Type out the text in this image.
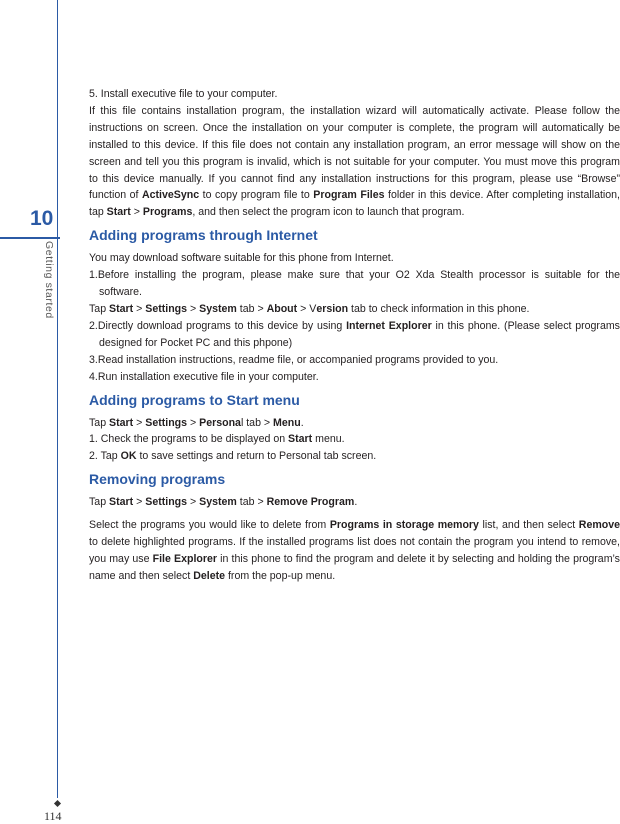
10
Getting started
114

5. Install executive file to your computer.

If this file contains installation program, the installation wizard will automatically activate. Please follow the instructions on screen. Once the installation on your computer is complete, the program will automatically be installed to this device. If this file does not contain any installation program, an error message will show on the screen and tell you this program is invalid, which is not suitable for your computer. You must move this program to this device manually. If you cannot find any installation instructions for this program, please use “Browse” function of ActiveSync to copy program file to Program Files folder in this device. After completing installation, tap Start > Programs, and then select the program icon to launch that program.

Adding programs through Internet

You may download software suitable for this phone from Internet.

1.Before installing the program, please make sure that your O2 Xda Stealth processor is suitable for the software.

Tap Start > Settings > System tab > About > Version tab to check information in this phone.

2.Directly download programs to this device by using Internet Explorer in this phone. (Please select programs designed for Pocket PC and this phpone)

3.Read installation instructions, readme file, or accompanied programs provided to you.

4.Run installation executive file in your computer.

Adding programs to Start menu

Tap Start > Settings > Personal tab > Menu.

1. Check the programs to be displayed on Start menu.

2. Tap OK to save settings and return to Personal tab screen.

Removing programs

Tap Start > Settings > System tab > Remove Program.

Select the programs you would like to delete from Programs in storage memory list, and then select Remove to delete highlighted programs. If the installed programs list does not contain the program you intend to remove, you may use File Explorer in this phone to find the program and delete it by selecting and holding the program’s name and then select Delete from the pop-up menu.
